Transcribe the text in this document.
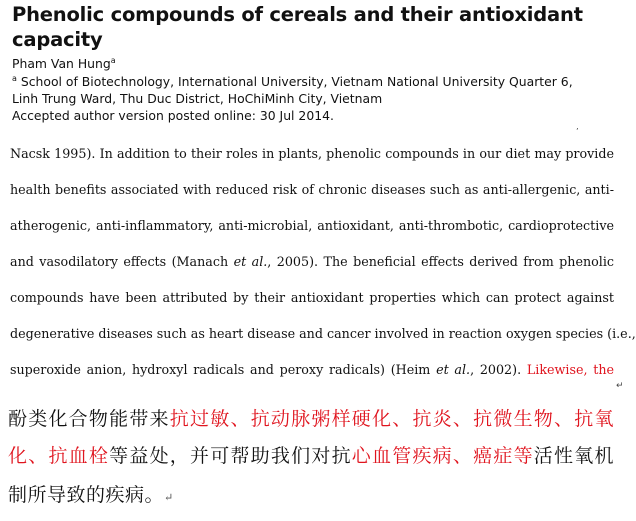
Phenolic compounds of cereals and their antioxidant
capacity

Pham Van Hung$^a$

$^a$ School of Biotechnology, International University, Vietnam National University Quarter 6,
Linh Trung Ward, Thu Duc District, HoChiMinh City, Vietnam

Accepted author version posted online: 30 Jul 2014.

’
Nacsk 1995). In addition to their roles in plants, phenolic compounds in our diet may provide
health benefits associated with reduced risk of chronic diseases such as anti-allergenic, anti-
atherogenic, anti-inflammatory, anti-microbial, antioxidant, anti-thrombotic, cardioprotective
and vasodilatory effects (Manach et al., 2005). The beneficial effects derived from phenolic
compounds have been attributed by their antioxidant properties which can protect against
degenerative diseases such as heart disease and cancer involved in reaction oxygen species (i.e.,
superoxide anion, hydroxyl radicals and peroxy radicals) (Heim et al., 2002). Likewise, the
↵
酚类化合物能带来抗过敏、抗动脉粥样硬化、抗炎、抗微生物、抗氧
化、抗血栓等益处，并可帮助我们对抗心血管疾病、癌症等活性氧机
制所导致的疾病。↵
